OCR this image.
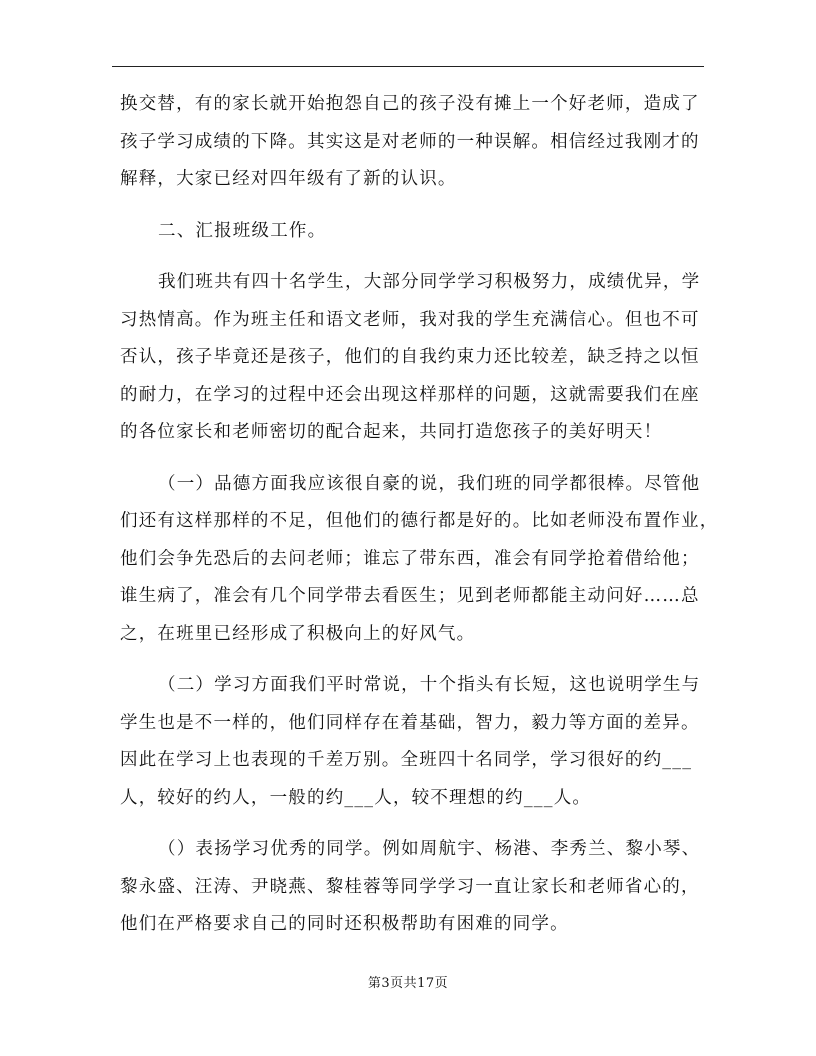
换交替，有的家长就开始抱怨自己的孩子没有摊上一个好老师，造成了
孩子学习成绩的下降。其实这是对老师的一种误解。相信经过我刚才的
解释，大家已经对四年级有了新的认识。
二、汇报班级工作。
我们班共有四十名学生，大部分同学学习积极努力，成绩优异，学
习热情高。作为班主任和语文老师，我对我的学生充满信心。但也不可
否认，孩子毕竟还是孩子，他们的自我约束力还比较差，缺乏持之以恒
的耐力，在学习的过程中还会出现这样那样的问题，这就需要我们在座
的各位家长和老师密切的配合起来，共同打造您孩子的美好明天！
（一）品德方面我应该很自豪的说，我们班的同学都很棒。尽管他
们还有这样那样的不足，但他们的德行都是好的。比如老师没布置作业，
他们会争先恐后的去问老师；谁忘了带东西，准会有同学抢着借给他；
谁生病了，准会有几个同学带去看医生；见到老师都能主动问好……总
之，在班里已经形成了积极向上的好风气。
（二）学习方面我们平时常说，十个指头有长短，这也说明学生与
学生也是不一样的，他们同样存在着基础，智力，毅力等方面的差异。
因此在学习上也表现的千差万别。全班四十名同学，学习很好的约___
人，较好的约人，一般的约___人，较不理想的约___人。
（）表扬学习优秀的同学。例如周航宇、杨港、李秀兰、黎小琴、
黎永盛、汪涛、尹晓燕、黎桂蓉等同学学习一直让家长和老师省心的，
他们在严格要求自己的同时还积极帮助有困难的同学。
第3页共17页
